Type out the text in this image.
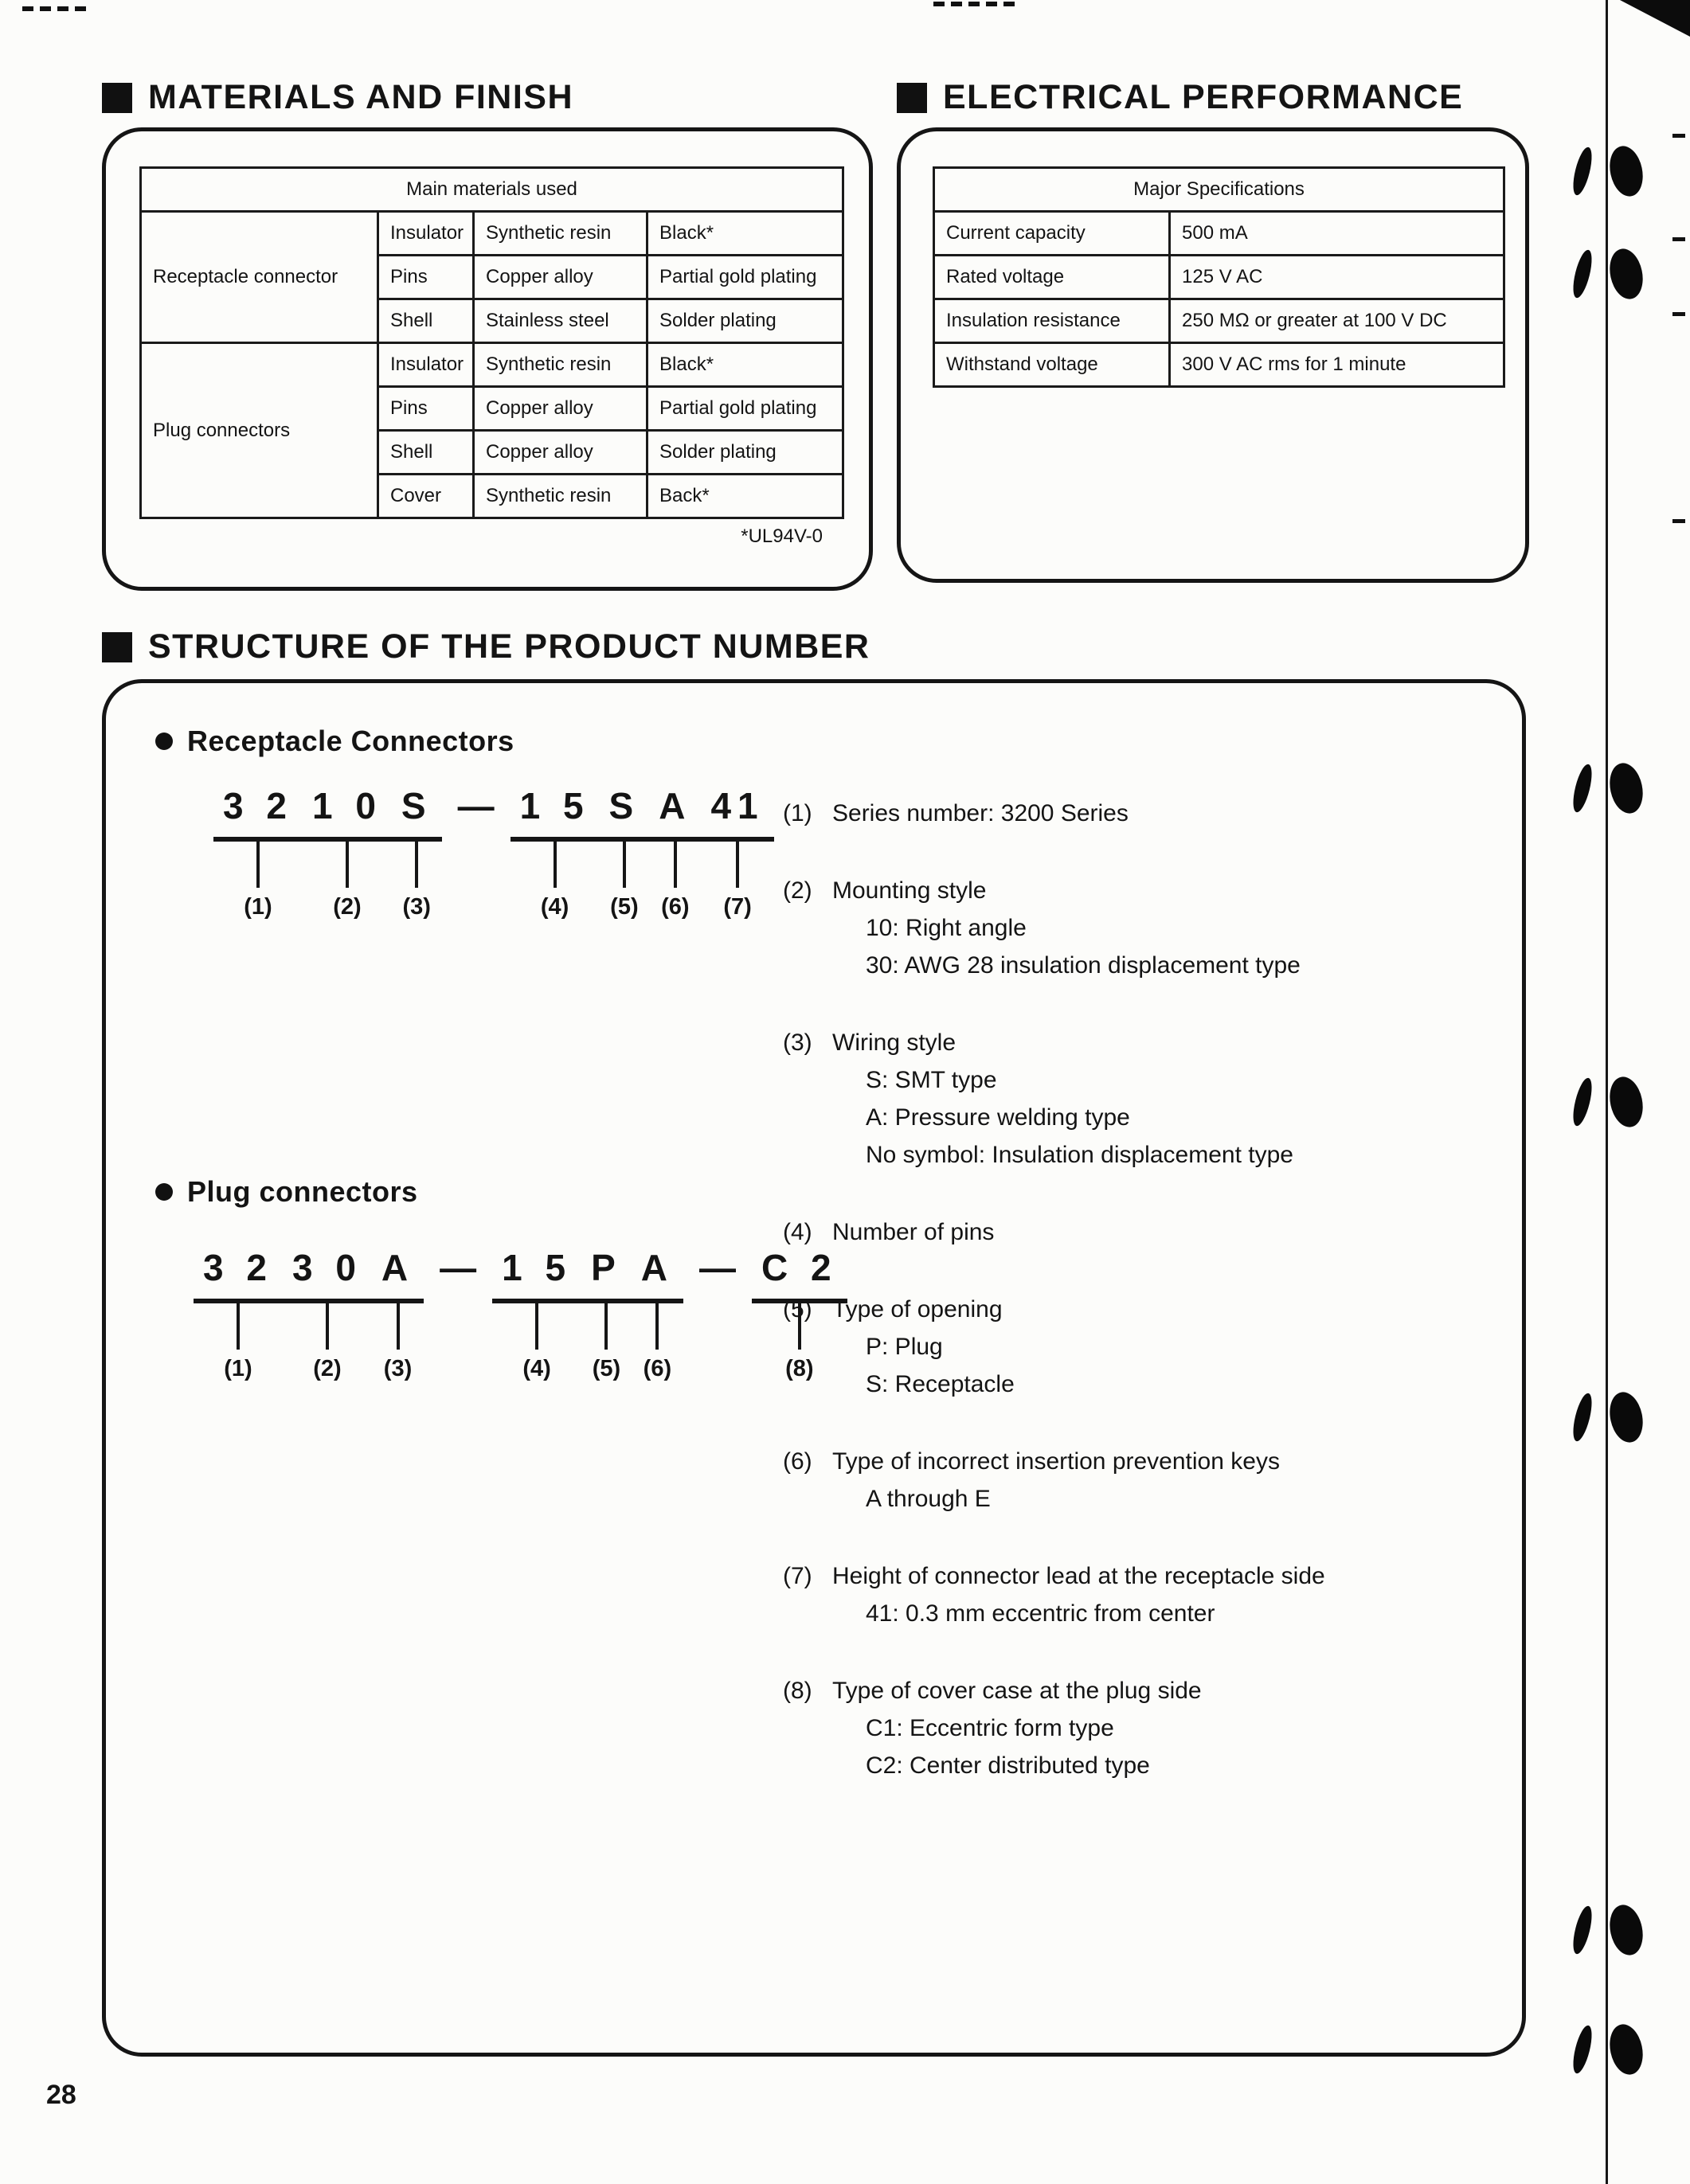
MATERIALS AND FINISH
Main materials used			
Receptacle connector	Insulator	Synthetic resin	Black*
	Pins	Copper alloy	Partial gold plating
	Shell	Stainless steel	Solder plating
Plug connectors	Insulator	Synthetic resin	Black*
	Pins	Copper alloy	Partial gold plating
	Shell	Copper alloy	Solder plating
	Cover	Synthetic resin	Back*
*UL94V-0
ELECTRICAL PERFORMANCE
Major Specifications	
Current capacity	500 mA
Rated voltage	125 V AC
Insulation resistance	250 MΩ or greater at 100 V DC
Withstand voltage	300 V AC rms for 1 minute
STRUCTURE OF THE PRODUCT NUMBER
Receptacle Connectors
3 2
(1)
1 0
(2)
S
(3)
— 1 5
(4)
S
(5)
A
(6)
41
(7)
Plug connectors
3 2
(1)
3 0
(2)
A
(3)
— 1 5
(4)
P
(5)
A
(6)
— C 2
(8)
(1) Series number: 3200 Series
(2) Mounting style
10: Right angle
30: AWG 28 insulation displacement type
(3) Wiring style
S: SMT type
A: Pressure welding type
No symbol: Insulation displacement type
(4) Number of pins
(5) Type of opening
P: Plug
S: Receptacle
(6) Type of incorrect insertion prevention keys
A through E
(7) Height of connector lead at the receptacle side
41: 0.3 mm eccentric from center
(8) Type of cover case at the plug side
C1: Eccentric form type
C2: Center distributed type
28
